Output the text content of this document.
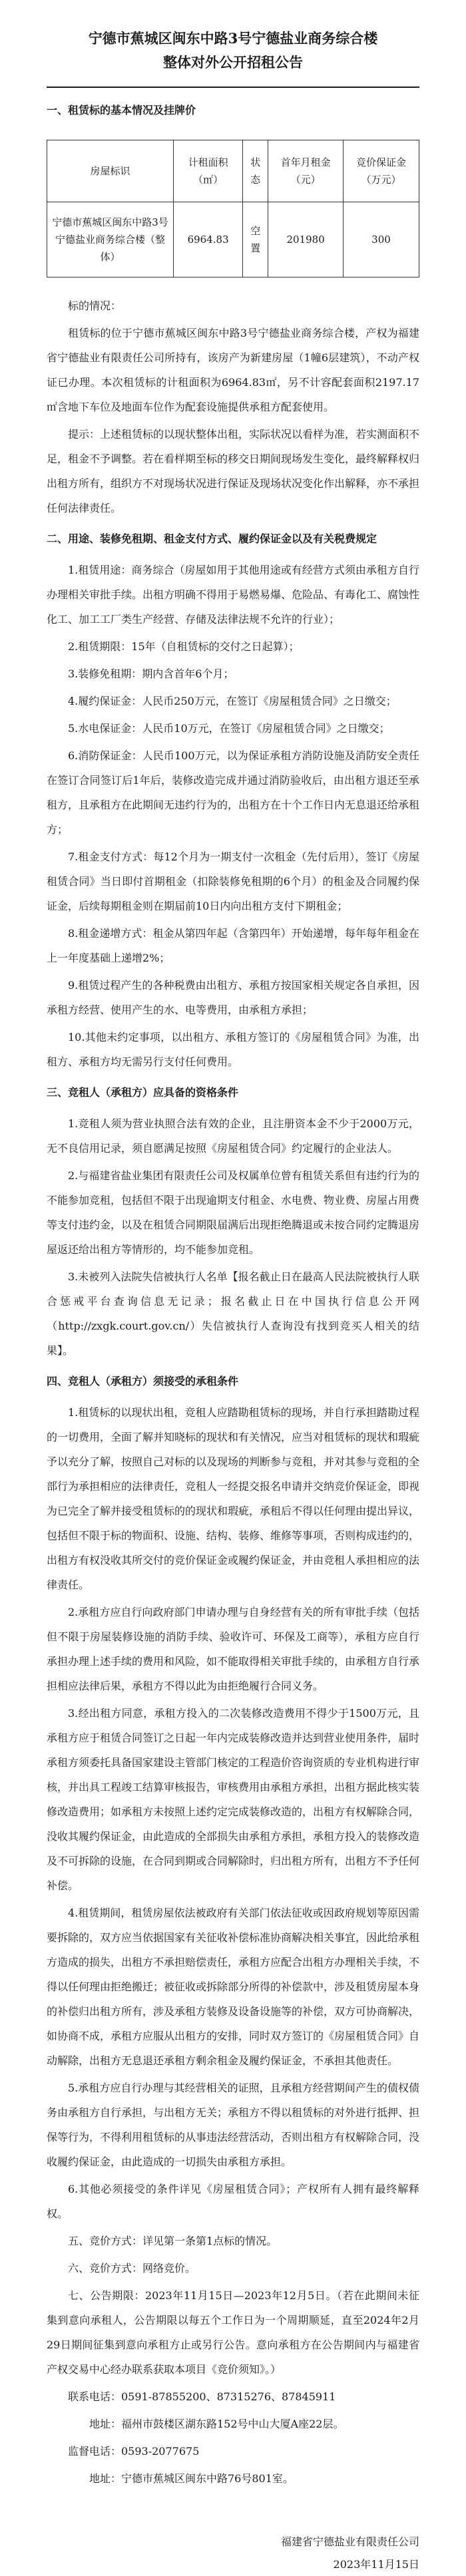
宁德市蕉城区闽东中路3号宁德盐业商务综合楼
整体对外公开招租公告
一、租赁标的基本情况及挂牌价
房屋标识	计租面积（㎡）	状态	首年月租金（元）	竞价保证金（万元）
宁德市蕉城区闽东中路3号宁德盐业商务综合楼（整体）	6964.83	空置	201980	300

标的情况：

租赁标的位于宁德市蕉城区闽东中路3号宁德盐业商务综合楼，产权为福建省宁德盐业有限责任公司所持有，该房产为新建房屋（1幢6层建筑），不动产权证已办理。本次租赁标的计租面积为6964.83㎡，另不计容配套面积2197.17㎡含地下车位及地面车位作为配套设施提供承租方配套使用。

提示：上述租赁标的以现状整体出租，实际状况以看样为准，若实测面积不足，租金不予调整。若在看样期至标的移交日期间现场发生变化，最终解释权归出租方所有，组织方不对现场状况进行保证及现场状况变化作出解释，亦不承担任何法律责任。

二、用途、装修免租期、租金支付方式、履约保证金以及有关税费规定

1.租赁用途：商务综合（房屋如用于其他用途或有经营方式须由承租方自行办理相关审批手续。出租方明确不得用于易燃易爆、危险品、有毒化工、腐蚀性化工、加工工厂类生产经营、存储及法律法规不允许的行业）；

2.租赁期限：15年（自租赁标的交付之日起算）；

3.装修免租期：期内含首年6个月；

4.履约保证金：人民币250万元，在签订《房屋租赁合同》之日缴交；

5.水电保证金：人民币10万元，在签订《房屋租赁合同》之日缴交；

6.消防保证金：人民币100万元，以为保证承租方消防设施及消防安全责任在签订合同签订后1年后，装修改造完成并通过消防验收后，由出租方退还至承租方，且承租方在此期间无违约行为的，出租方在十个工作日内无息退还给承租方；

7.租金支付方式：每12个月为一期支付一次租金（先付后用），签订《房屋租赁合同》当日即付首期租金（扣除装修免租期的6个月）的租金及合同履约保证金，后续每期租金则在期届前10日内向出租方支付下期租金；

8.租金递增方式：租金从第四年起（含第四年）开始递增，每年每年租金在上一年度基础上递增2%；

9.租赁过程产生的各种税费由出租方、承租方按国家相关规定各自承担，因承租方经营、使用产生的水、电等费用，由承租方承担；

10.其他未约定事项，以出租方、承租方签订的《房屋租赁合同》为准，出租方、承租方均无需另行支付任何费用。

三、竞租人（承租方）应具备的资格条件

1.竞租人须为营业执照合法有效的企业，且注册资本金不少于2000万元，无不良信用记录，须自愿满足按照《房屋租赁合同》约定履行的企业法人。

2.与福建省盐业集团有限责任公司及权属单位曾有租赁关系但有违约行为的不能参加竞租，包括但不限于出现逾期支付租金、水电费、物业费、房屋占用费等支付违约金，以及在租赁合同期限届满后出现拒绝腾退或未按合同约定腾退房屋返还给出租方等情形的，均不能参加竞租。

3.未被列入法院失信被执行人名单【报名截止日在最高人民法院被执行人联合惩戒平台查询信息无记录；报名截止日在中国执行信息公开网（http://zxgk.court.gov.cn/）失信被执行人查询没有找到竞买人相关的结果】。

四、竞租人（承租方）须接受的承租条件

1.租赁标的以现状出租，竞租人应踏勘租赁标的现场，并自行承担踏勘过程的一切费用，全面了解并知晓标的现状和有关情况，应当对租赁标的现状和瑕疵予以充分了解，按照自己对标的以及现场的判断参与竞租，并对其参与竞租的全部行为承担相应的法律责任，竞租人一经提交报名申请并交纳竞价保证金，即视为已完全了解并接受租赁标的的现状和瑕疵，承租后不得以任何理由提出异议，包括但不限于标的物面积、设施、结构、装修、维修等事项，否则构成违约的，出租方有权没收其所交付的竞价保证金或履约保证金，并由竞租人承担相应的法律责任。

2.承租方应自行向政府部门申请办理与自身经营有关的所有审批手续（包括但不限于房屋装修设施的消防手续、验收许可、环保及工商等），承租方应自行承担办理上述手续的费用和风险，如不能取得相关审批手续的，由承租方自行承担相应法律后果，承租方不得以此为由拒绝履行合同义务。

3.经出租方同意，承租方投入的二次装修改造费用不得少于1500万元，且承租方应于租赁合同签订之日起一年内完成装修改造并达到营业使用条件，届时承租方须委托具备国家建设主管部门核定的工程造价咨询资质的专业机构进行审核，并出具工程竣工结算审核报告，审核费用由承租方承担，出租方据此核实装修改造费用；如承租方未按照上述约定完成装修改造的，出租方有权解除合同，没收其履约保证金，由此造成的全部损失由承租方承担，承租方投入的装修改造及不可拆除的设施，在合同到期或合同解除时，归出租方所有，出租方不予任何补偿。

4.租赁期间，租赁房屋依法被政府有关部门依法征收或因政府规划等原因需要拆除的，双方应当依据国家有关征收补偿标准协商解决相关事宜，因此给承租方造成的损失，出租方不承担赔偿责任，承租方应配合出租方办理相关手续，不得以任何理由拒绝搬迁；被征收或拆除部分所得的补偿款中，涉及租赁房屋本身的补偿归出租方所有，涉及承租方装修及设备设施等的补偿，双方可协商解决，如协商不成，承租方应服从出租方的安排，同时双方签订的《房屋租赁合同》自动解除，出租方无息退还承租方剩余租金及履约保证金，不承担其他责任。

5.承租方应自行办理与其经营相关的证照，且承租方经营期间产生的债权债务由承租方自行承担，与出租方无关；承租方不得以租赁标的对外进行抵押、担保等行为，不得利用租赁标的从事违法经营活动，否则出租方有权解除合同，没收履约保证金，由此造成的一切损失由承租方承担。

6.其他必须接受的条件详见《房屋租赁合同》；产权所有人拥有最终解释权。

五、竞价方式：详见第一条第1点标的情况。

六、竞价方式：网络竞价。

七、公告期限：2023年11月15日—2023年12月5日。（若在此期间未征集到意向承租人，公告期限以每五个工作日为一个周期顺延，直至2024年2月29日期间征集到意向承租方止或另行公告。意向承租方在公告期间内与福建省产权交易中心经办联系获取本项目《竞价须知》。）

联系电话：0591-87855200、87315276、87845911

地址：福州市鼓楼区湖东路152号中山大厦A座22层。

监督电话：0593-2077675

地址：宁德市蕉城区闽东中路76号801室。

福建省宁德盐业有限责任公司
2023年11月15日
